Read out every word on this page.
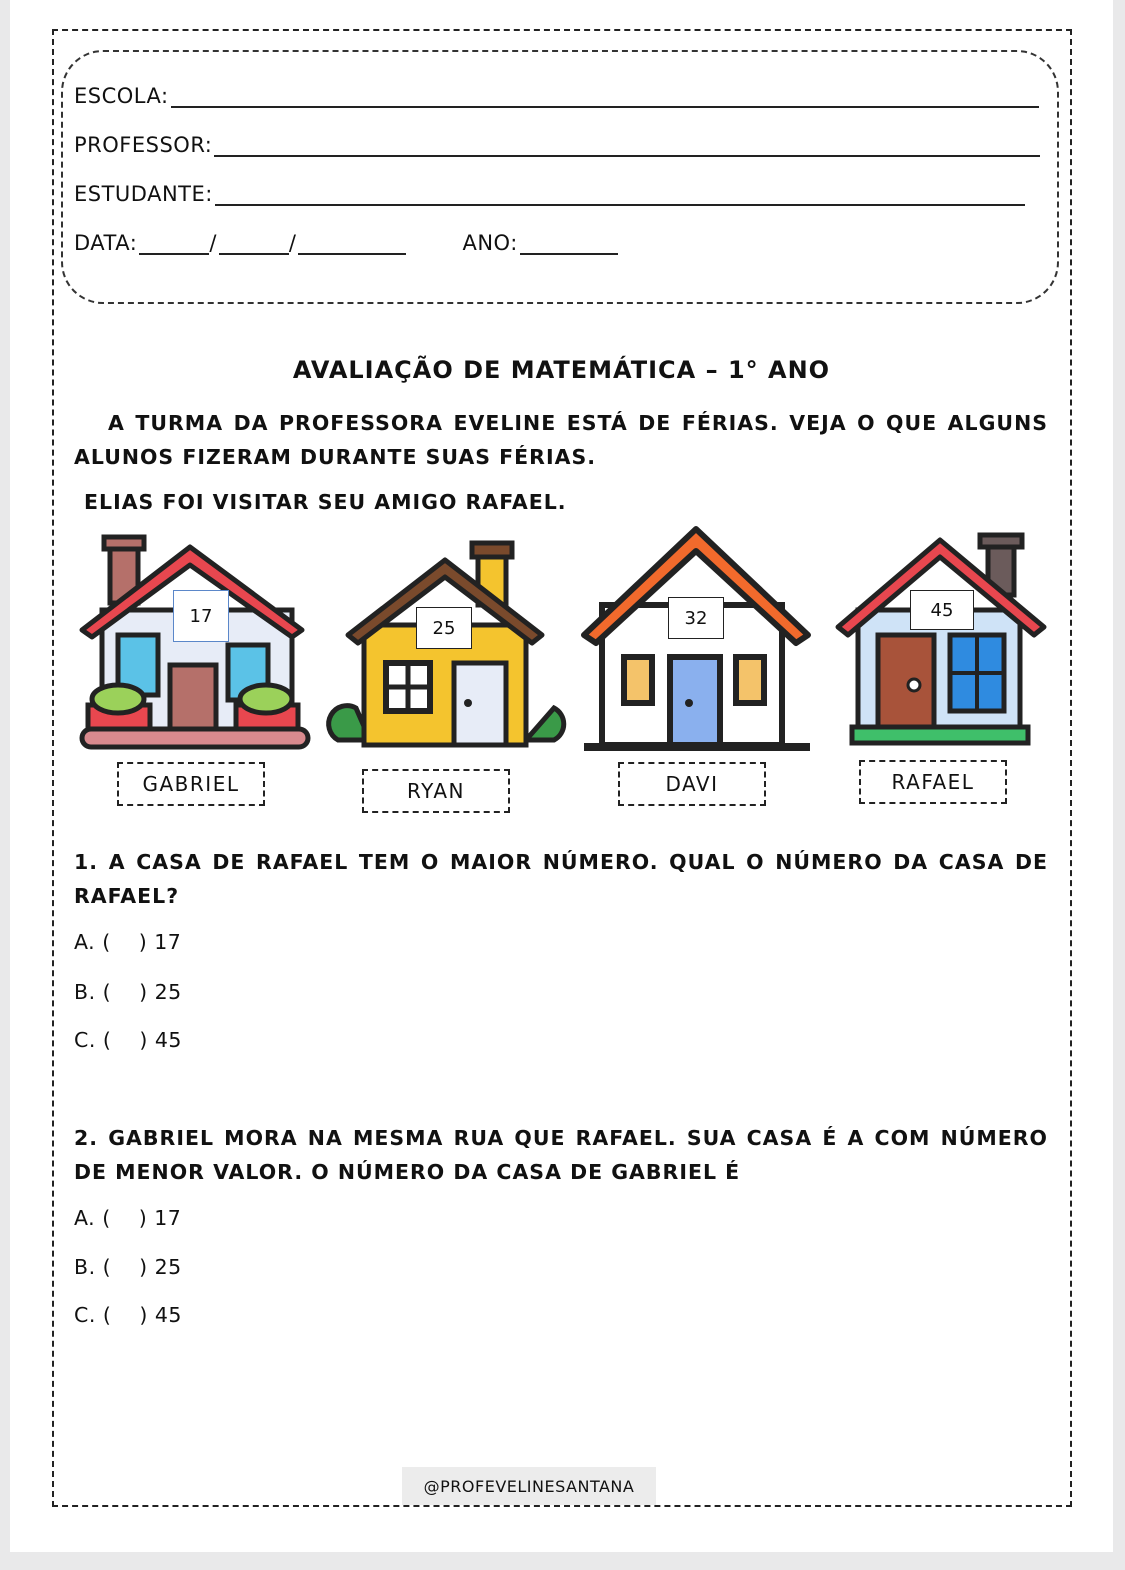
ESCOLA:
PROFESSOR:
ESTUDANTE:
DATA:	/	/	ANO:
AVALIAÇÃO DE MATEMÁTICA – 1° ANO
A TURMA DA PROFESSORA EVELINE ESTÁ DE FÉRIAS. VEJA O QUE ALGUNS ALUNOS FIZERAM DURANTE SUAS FÉRIAS.
ELIAS FOI VISITAR SEU AMIGO RAFAEL.
17
25	32	45
GABRIEL	RYAN	DAVI	RAFAEL
1. A CASA DE RAFAEL TEM O MAIOR NÚMERO. QUAL O NÚMERO DA CASA DE RAFAEL?
A. ( ) 17
B. ( ) 25
C. ( ) 45
2. GABRIEL MORA NA MESMA RUA QUE RAFAEL. SUA CASA É A COM NÚMERO DE MENOR VALOR. O NÚMERO DA CASA DE GABRIEL É
A. ( ) 17
B. ( ) 25
C. ( ) 45
@PROFEVELINESANTANA
